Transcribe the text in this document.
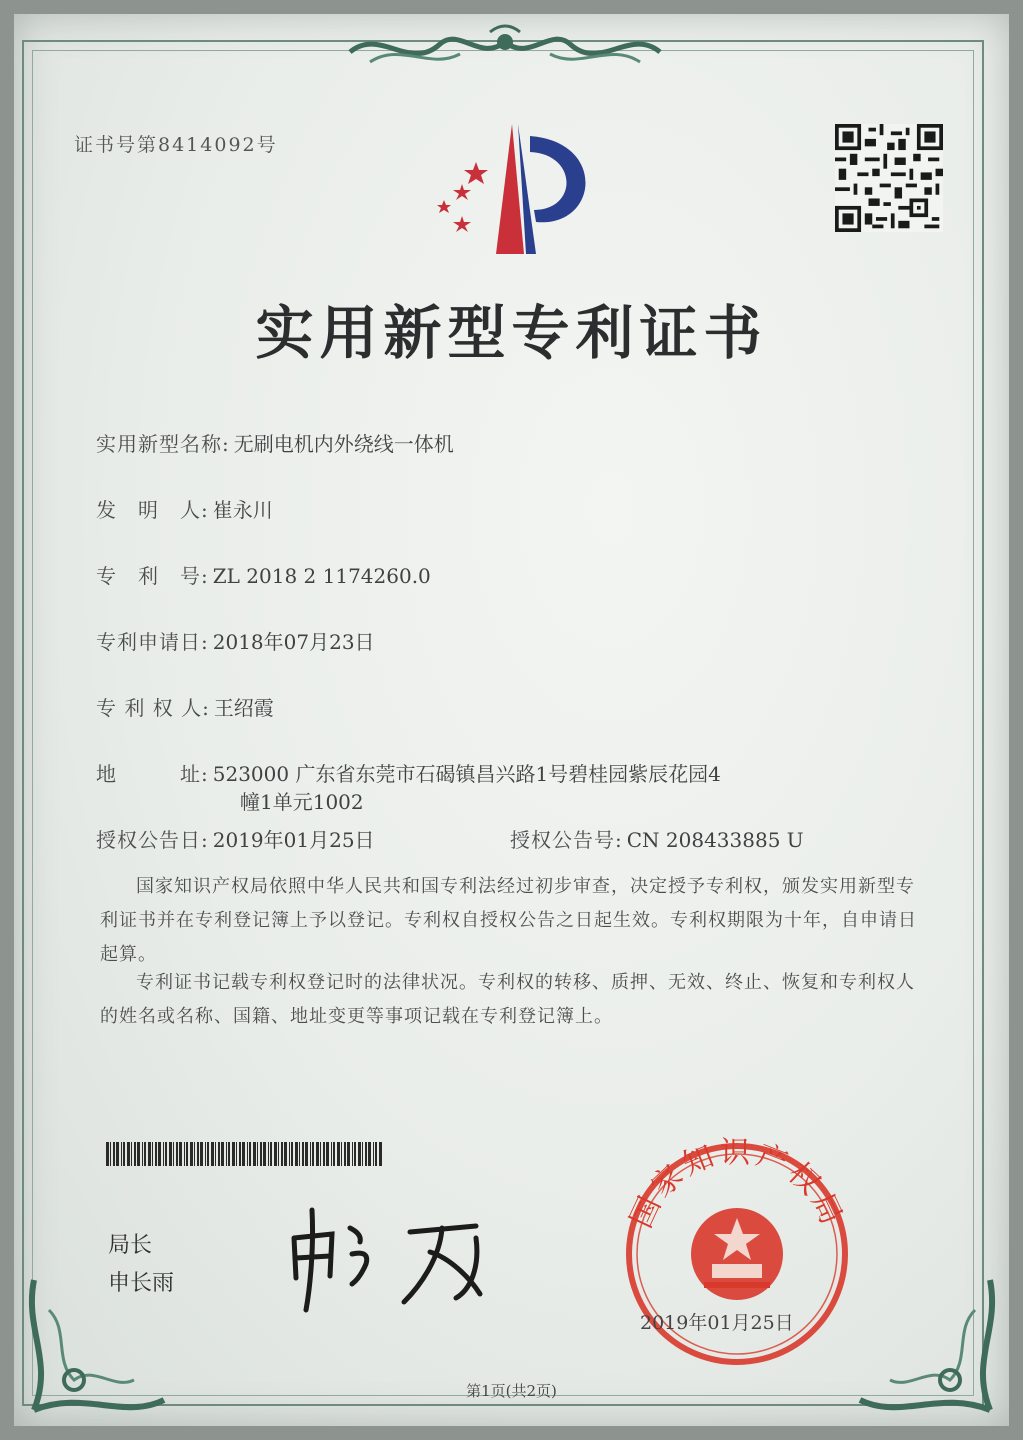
证书号第8414092号
实用新型专利证书
实用新型名称: 无刷电机内外绕线一体机
发　明　人: 崔永川
专　利　号: ZL 2018 2 1174260.0
专利申请日: 2018年07月23日
专 利 权 人: 王绍霞
地　　　址: 523000 广东省东莞市石碣镇昌兴路1号碧桂园紫辰花园4
幢1单元1002
授权公告日: 2019年01月25日	授权公告号: CN 208433885 U
国家知识产权局依照中华人民共和国专利法经过初步审查，决定授予专利权，颁发实用新型专利证书并在专利登记簿上予以登记。专利权自授权公告之日起生效。专利权期限为十年，自申请日起算。
专利证书记载专利权登记时的法律状况。专利权的转移、质押、无效、终止、恢复和专利权人的姓名或名称、国籍、地址变更等事项记载在专利登记簿上。
局长
申长雨
国家知识产权局
2019年01月25日
第1页(共2页)
